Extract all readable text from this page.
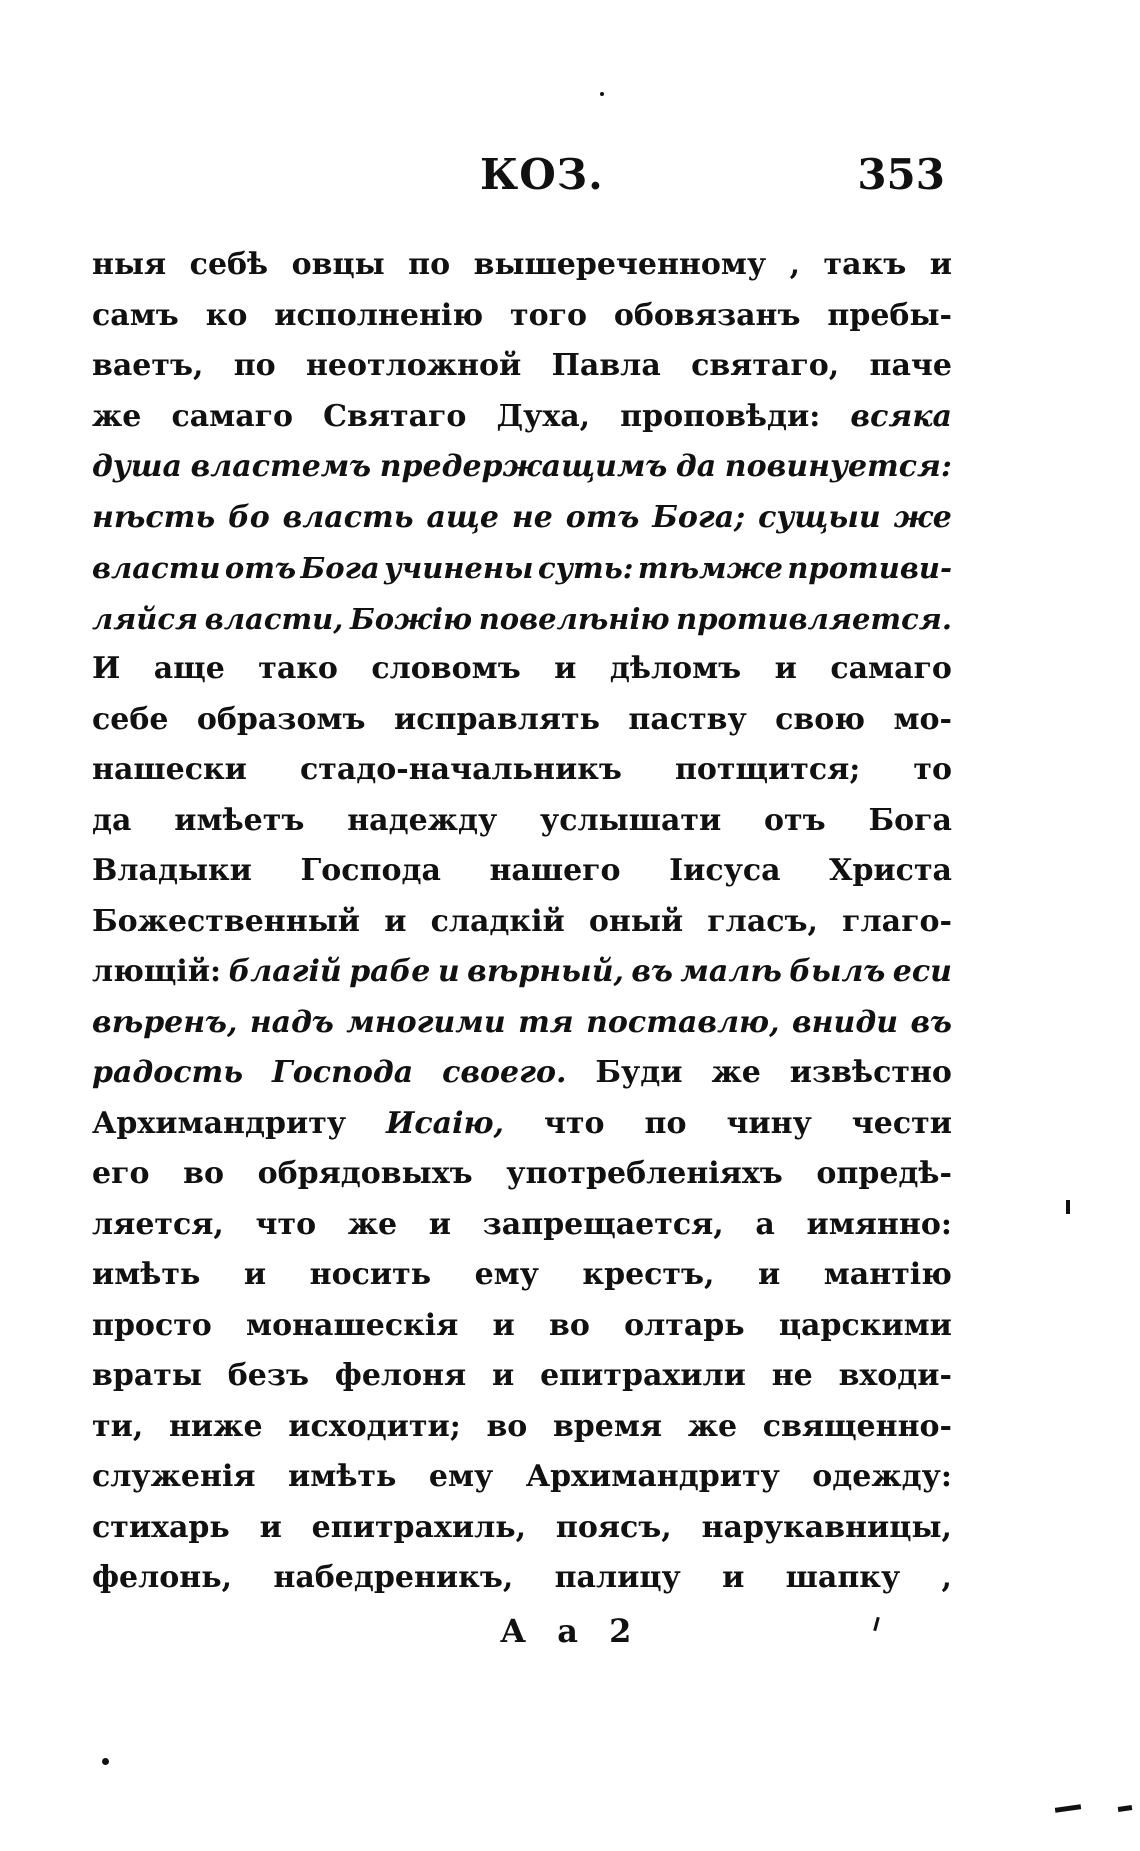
КОЗ.	353
ныя себѣ овцы по вышереченному , такъ и
самъ ко исполненію того обовязанъ пребы-
ваетъ, по неотложной Павла святаго, паче
же самаго Святаго Духа, проповѣди: всяка
душа властемъ предержащимъ да повинуется:
нѣсть бо власть аще не отъ Бога; сущыи же
власти отъ Бога учинены суть: тѣмже противи-
ляйся власти, Божію повелѣнію противляется.
И аще тако словомъ и дѣломъ и самаго
себе образомъ исправлять паству свою мо-
нашески стадо-начальникъ потщится; то
да имѣетъ надежду услышати отъ Бога
Владыки Господа нашего Іисуса Христа
Божественный и сладкій оный гласъ, глаго-
лющій: благій рабе и вѣрный, въ малѣ былъ еси
вѣренъ, надъ многими тя поставлю, вниди въ
радость Господа своего. Буди же извѣстно
Архимандриту Исаію, что по чину чести
его во обрядовыхъ употребленіяхъ опредѣ-
ляется, что же и запрещается, а имянно:
имѣть и носить ему крестъ, и мантію
просто монашескія и во олтарь царскими
враты безъ фелоня и епитрахили не входи-
ти, ниже исходити; во время же священно-
служенія имѣть ему Архимандриту одежду:
стихарь и епитрахиль, поясъ, нарукавницы,
фелонь, набедреникъ, палицу и шапку ,
А а 2
